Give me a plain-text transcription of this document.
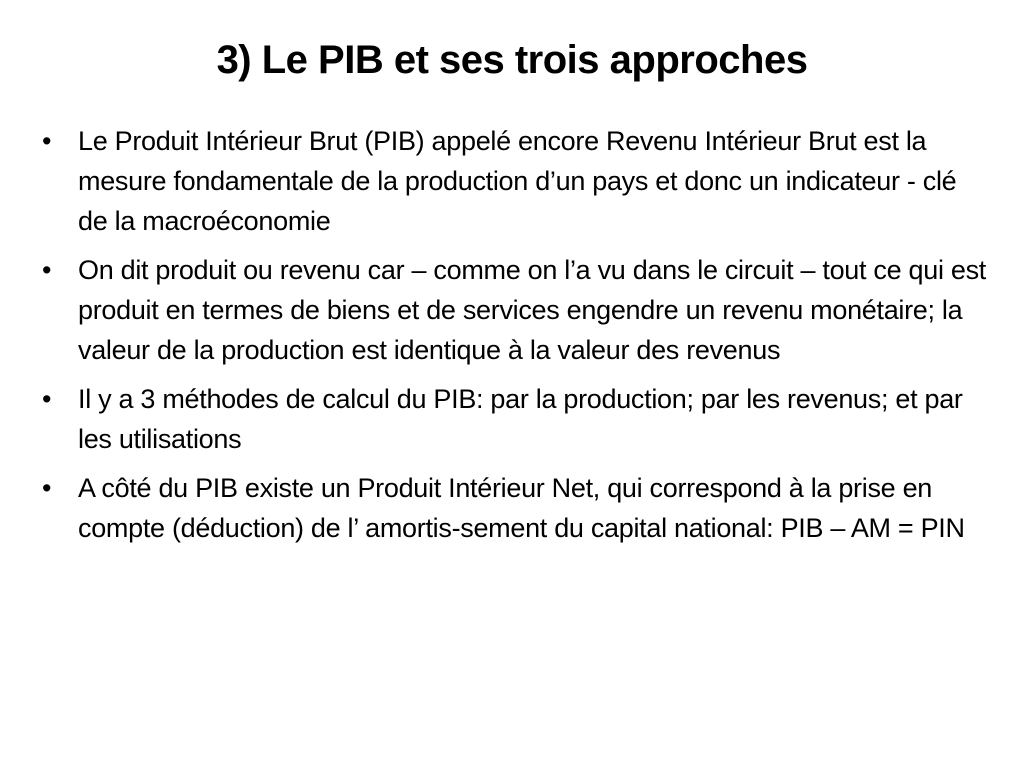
3) Le PIB et ses trois approches
• Le Produit Intérieur Brut (PIB) appelé encore Revenu Intérieur Brut est la mesure fondamentale de la production d’un pays et donc un indicateur - clé de la macroéconomie
• On dit produit ou revenu car – comme on l’a vu dans le circuit – tout ce qui est produit en termes de biens et de services engendre un revenu monétaire; la valeur de la production est identique à la valeur des revenus
• Il y a 3 méthodes de calcul du PIB: par la production; par les revenus; et par les utilisations
• A côté du PIB existe un Produit Intérieur Net, qui correspond à la prise en compte (déduction) de l’ amortis-sement du capital national: PIB – AM = PIN
